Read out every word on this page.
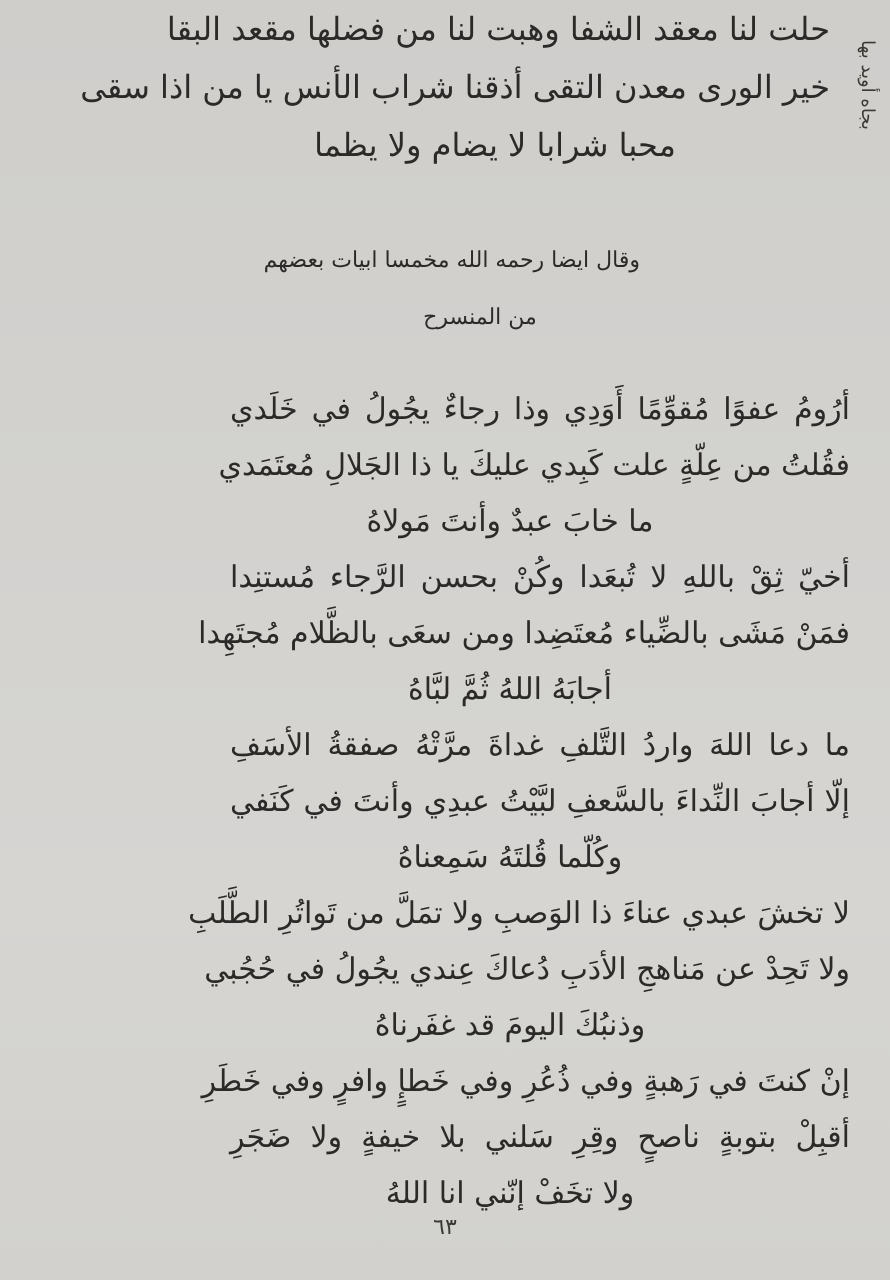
بجاه أويد بها
حلت لنا معقد الشفا وهبت لنا من فضلها مقعد البقا
خير الورى معدن التقى أذقنا شراب الأنس يا من اذا سقى
محبا شرابا لا يضام ولا يظما
وقال ايضا رحمه الله مخمسا ابيات بعضهم
من المنسرح
أرُومُ عفوًا مُقوِّمًا أَوَدِي وذا رجاءٌ يجُولُ في خَلَدي
فقُلتُ من عِلّةٍ علت كَبِدي عليكَ يا ذا الجَلالِ مُعتَمَدي
ما خابَ عبدٌ وأنتَ مَولاهُ
أخيّ ثِقْ باللهِ لا تُبعَدا وكُنْ بحسن الرَّجاء مُستنِدا
فمَنْ مَشَى بالضِّياء مُعتَضِدا ومن سعَى بالظَّلام مُجتَهِدا
أجابَهُ اللهُ ثُمَّ لبَّاهُ
ما دعا اللهَ واردُ التَّلفِ غداةَ مرَّتْهُ صفقةُ الأسَفِ
إلّا أجابَ النِّداءَ بالسَّعفِ لبَّيْتُ عبدِي وأنتَ في كَنَفي
وكُلّما قُلتَهُ سَمِعناهُ
لا تخشَ عبدي عناءَ ذا الوَصبِ ولا تمَلَّ من تَواتُرِ الطَّلَبِ
ولا تَحِدْ عن مَناهجِ الأدَبِ دُعاكَ عِندي يجُولُ في حُجُبي
وذنبُكَ اليومَ قد غفَرناهُ
إنْ كنتَ في رَهبةٍ وفي ذُعُرِ وفي خَطإٍ وافرٍ وفي خَطَرِ
أقبِلْ بتوبةٍ ناصحٍ وقِرِ سَلني بلا خيفةٍ ولا ضَجَرِ
ولا تخَفْ إنّني انا اللهُ
٦٣
